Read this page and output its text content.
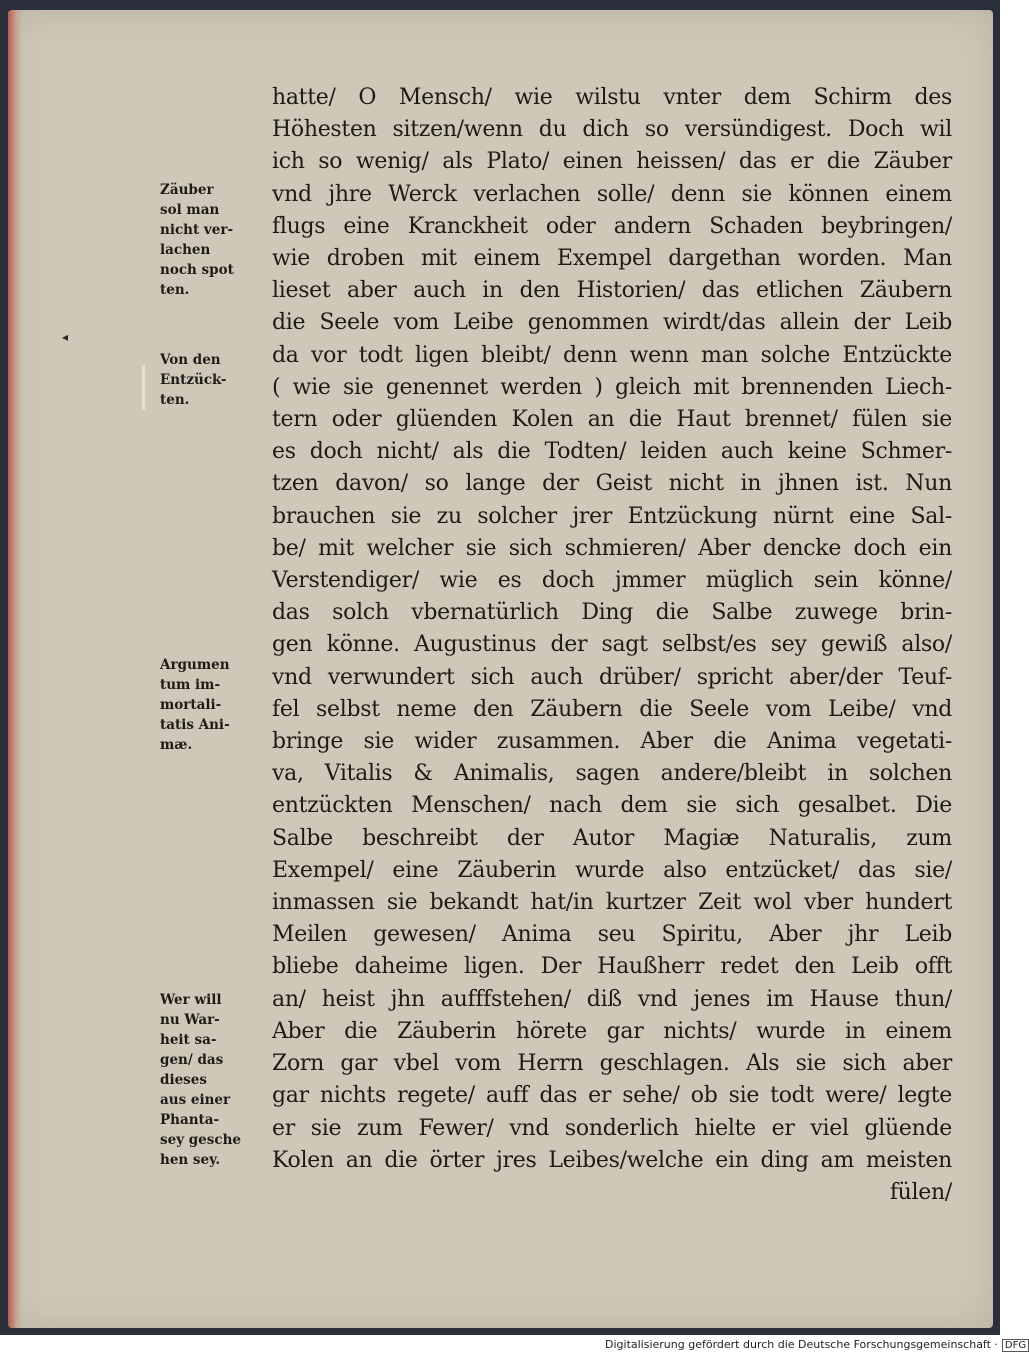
◂
Zäuber
sol man
nicht ver-
lachen
noch spot
ten.
Von den
Entzück-
ten.
Argumen
tum im-
mortali-
tatis Ani-
mæ.
Wer will
nu War-
heit sa-
gen/ das
dieses
aus einer
Phanta-
sey gesche
hen sey.
hatte/ O Mensch/ wie wilstu vnter dem Schirm des
Höhesten sitzen/wenn du dich so versündigest. Doch wil
ich so wenig/ als Plato/ einen heissen/ das er die Zäuber
vnd jhre Werck verlachen solle/ denn sie können einem
flugs eine Kranckheit oder andern Schaden beybringen/
wie droben mit einem Exempel dargethan worden. Man
lieset aber auch in den Historien/ das etlichen Zäubern
die Seele vom Leibe genommen wirdt/das allein der Leib
da vor todt ligen bleibt/ denn wenn man solche Entzückte
( wie sie genennet werden ) gleich mit brennenden Liech-
tern oder glüenden Kolen an die Haut brennet/ fülen sie
es doch nicht/ als die Todten/ leiden auch keine Schmer-
tzen davon/ so lange der Geist nicht in jhnen ist. Nun
brauchen sie zu solcher jrer Entzückung nürnt eine Sal-
be/ mit welcher sie sich schmieren/ Aber dencke doch ein
Verstendiger/ wie es doch jmmer müglich sein könne/
das solch vbernatürlich Ding die Salbe zuwege brin-
gen könne. Augustinus der sagt selbst/es sey gewiß also/
vnd verwundert sich auch drüber/ spricht aber/der Teuf-
fel selbst neme den Zäubern die Seele vom Leibe/ vnd
bringe sie wider zusammen. Aber die Anima vegetati-
va, Vitalis & Animalis, sagen andere/bleibt in solchen
entzückten Menschen/ nach dem sie sich gesalbet. Die
Salbe beschreibt der Autor Magiæ Naturalis, zum
Exempel/ eine Zäuberin wurde also entzücket/ das sie/
inmassen sie bekandt hat/in kurtzer Zeit wol vber hundert
Meilen gewesen/ Anima seu Spiritu, Aber jhr Leib
bliebe daheime ligen. Der Haußherr redet den Leib offt
an/ heist jhn aufffstehen/ diß vnd jenes im Hause thun/
Aber die Zäuberin hörete gar nichts/ wurde in einem
Zorn gar vbel vom Herrn geschlagen. Als sie sich aber
gar nichts regete/ auff das er sehe/ ob sie todt were/ legte
er sie zum Fewer/ vnd sonderlich hielte er viel glüende
Kolen an die örter jres Leibes/welche ein ding am meisten
fülen/
Digitalisierung gefördert durch die Deutsche Forschungsgemeinschaft · DFG
